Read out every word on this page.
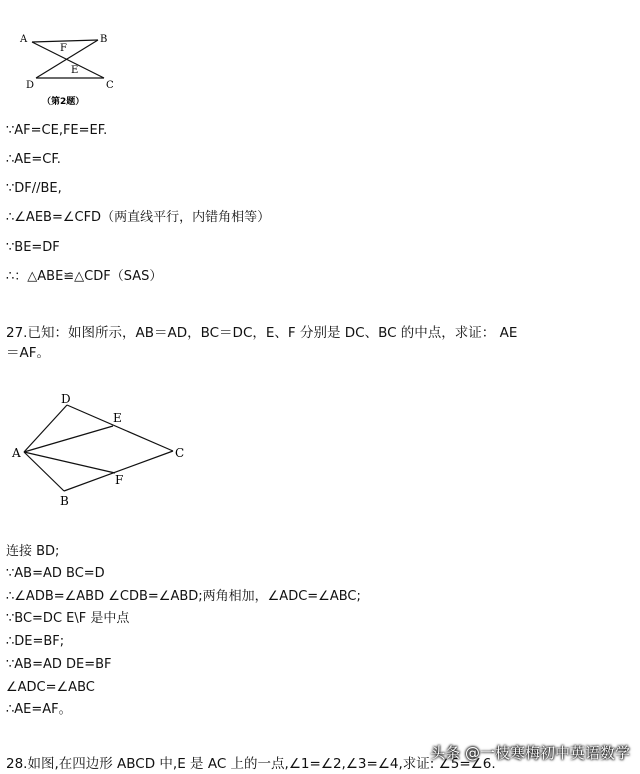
A	B
F
E
D	C
（第2题）
∵AF=CE,FE=EF.
∴AE=CF.
∵DF//BE,
∴∠AEB=∠CFD（两直线平行，内错角相等）
∵BE=DF
∴：△ABE≌△CDF（SAS）
27.已知：如图所示，AB＝AD，BC＝DC，E、F 分别是 DC、BC 的中点，求证： AE
＝AF。
D
E
A	C
F
B
连接 BD;
∵AB=AD BC=D
∴∠ADB=∠ABD ∠CDB=∠ABD;两角相加，∠ADC=∠ABC;
∵BC=DC E\F 是中点
∴DE=BF;
∵AB=AD DE=BF
∠ADC=∠ABC
∴AE=AF。
28.如图,在四边形 ABCD 中,E 是 AC 上的一点,∠1=∠2,∠3=∠4,求证: ∠5=∠6.
头条 @一枝寒梅初中英语数学
